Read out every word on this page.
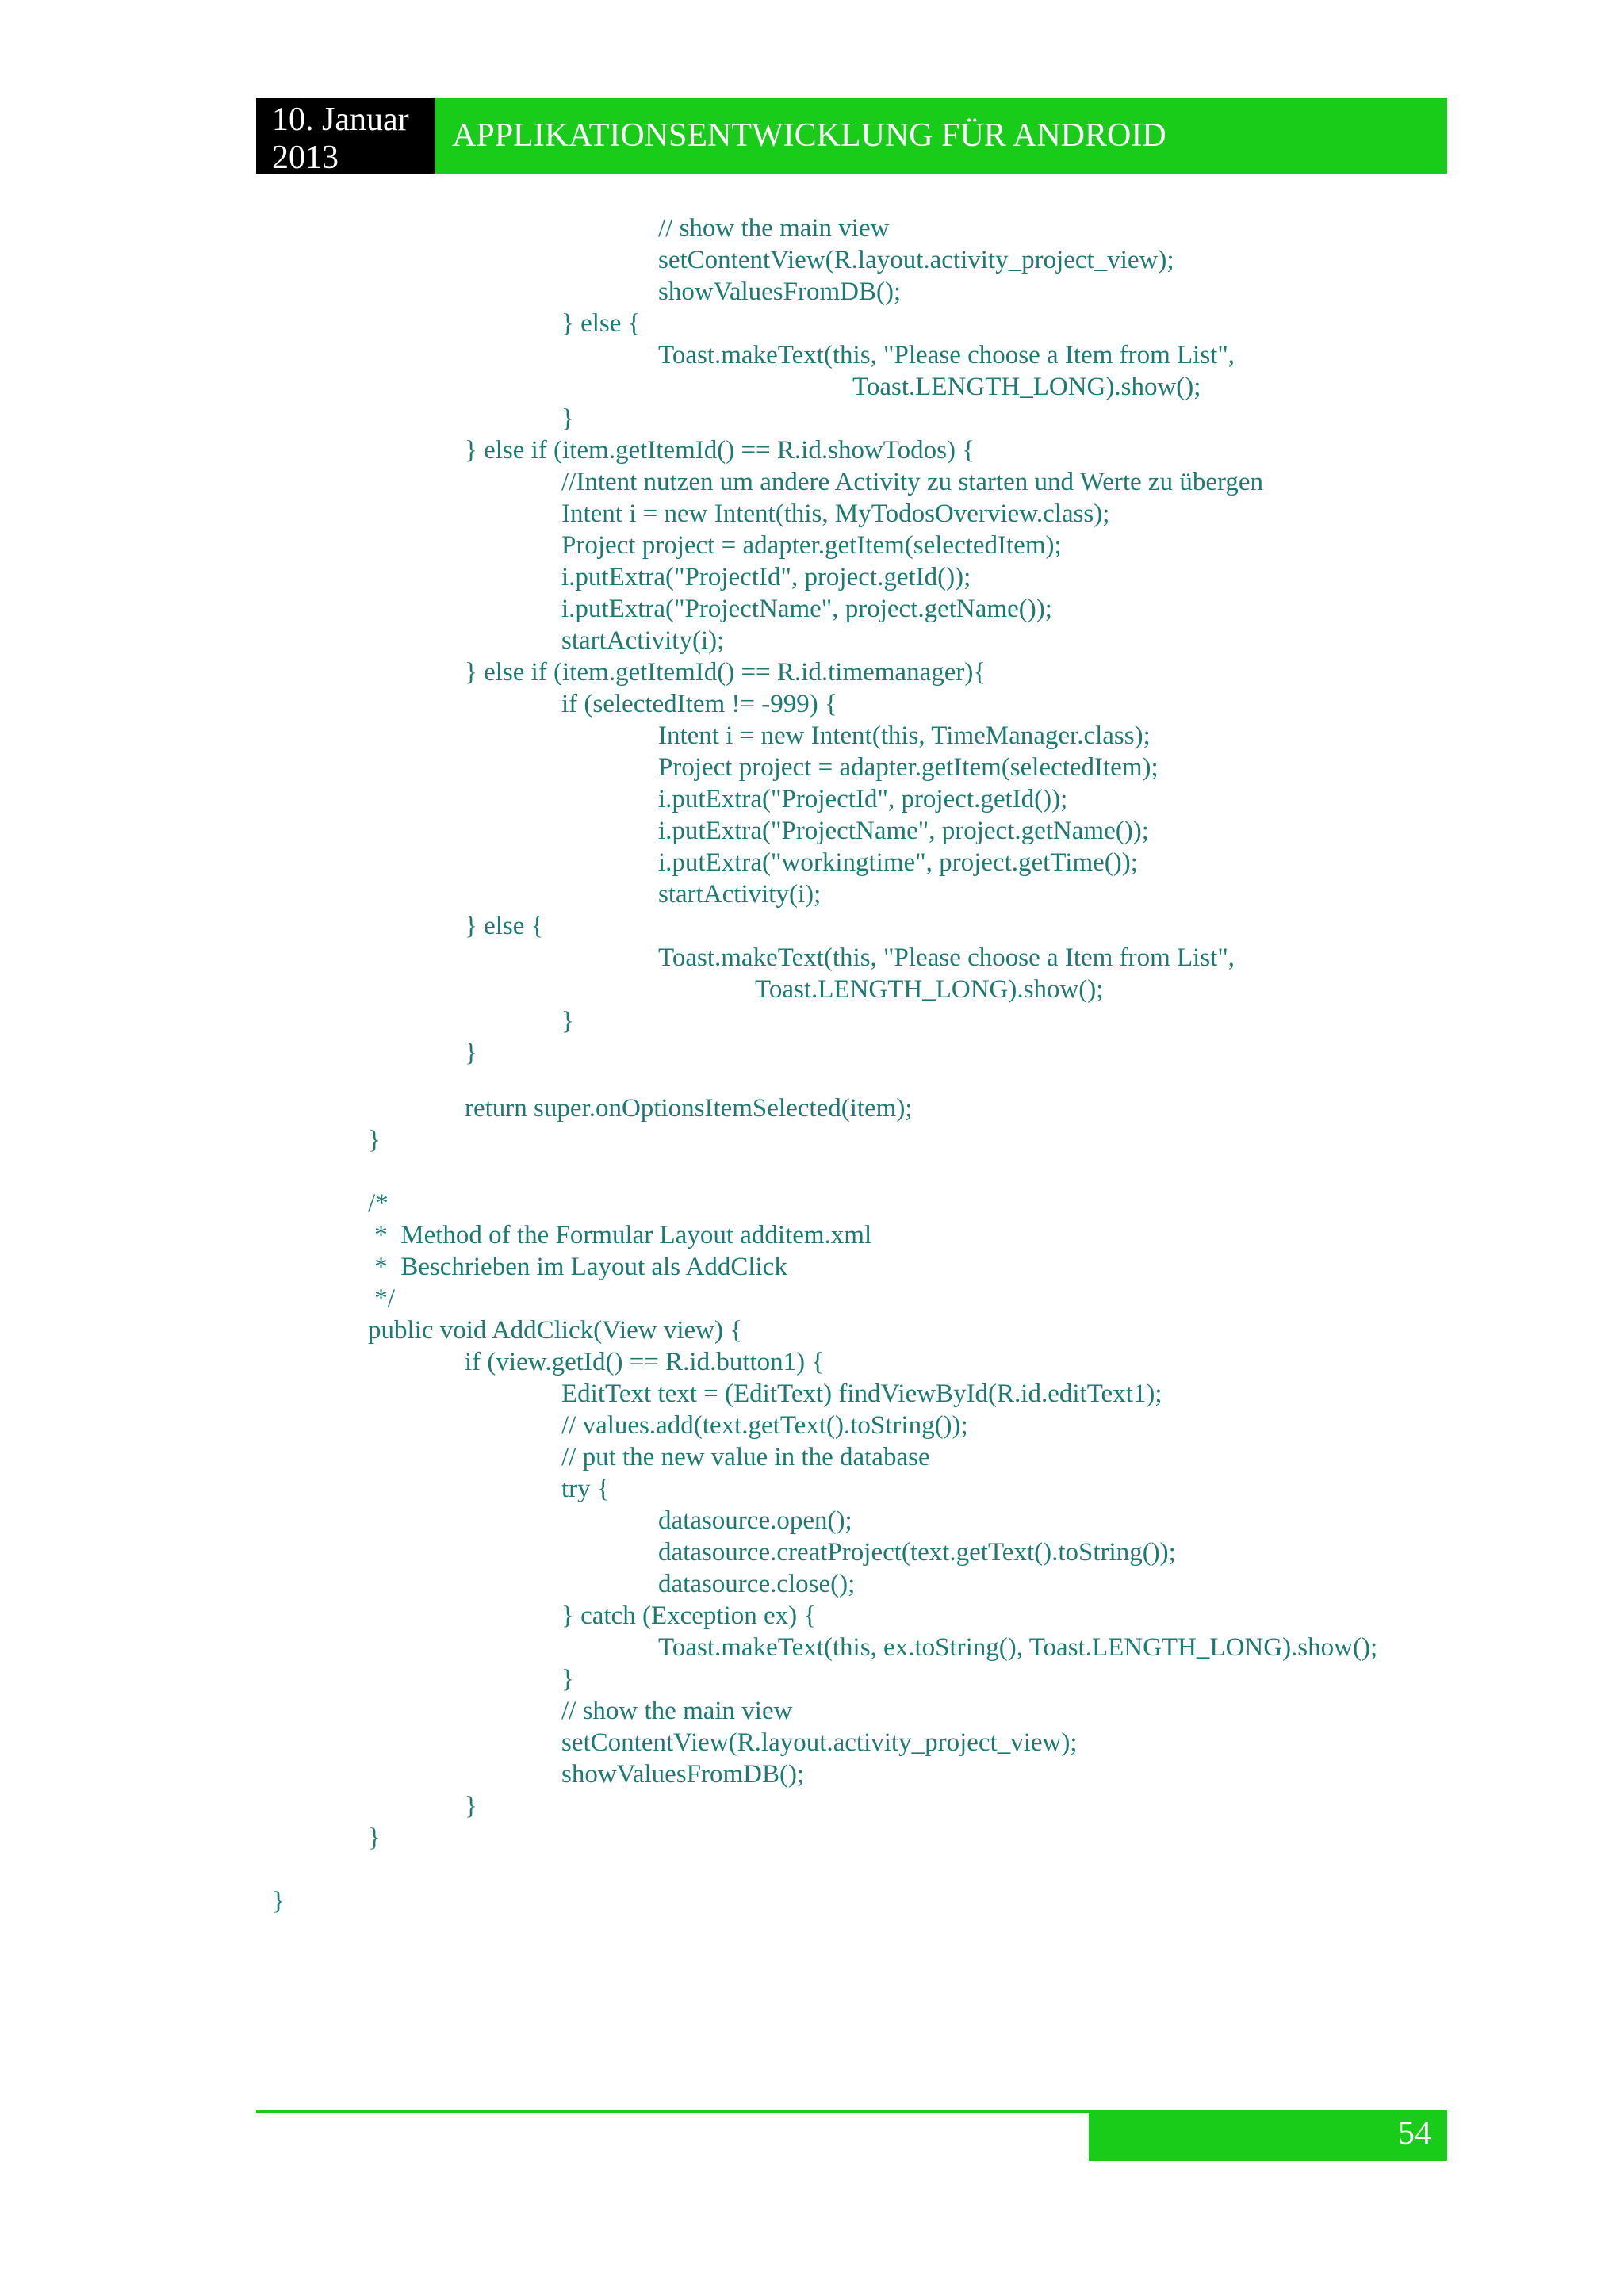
10. Januar
2013
APPLIKATIONSENTWICKLUNG FÜR ANDROID
// show the main view
setContentView(R.layout.activity_project_view);
showValuesFromDB();
} else {
Toast.makeText(this, "Please choose a Item from List",
Toast.LENGTH_LONG).show();
}
} else if (item.getItemId() == R.id.showTodos) {
//Intent nutzen um andere Activity zu starten und Werte zu übergen
Intent i = new Intent(this, MyTodosOverview.class);
Project project = adapter.getItem(selectedItem);
i.putExtra("ProjectId", project.getId());
i.putExtra("ProjectName", project.getName());
startActivity(i);
} else if (item.getItemId() == R.id.timemanager){
if (selectedItem != -999) {
Intent i = new Intent(this, TimeManager.class);
Project project = adapter.getItem(selectedItem);
i.putExtra("ProjectId", project.getId());
i.putExtra("ProjectName", project.getName());
i.putExtra("workingtime", project.getTime());
startActivity(i);
} else {
Toast.makeText(this, "Please choose a Item from List",
Toast.LENGTH_LONG).show();
}
}
return super.onOptionsItemSelected(item);
}
/*
*  Method of the Formular Layout additem.xml
*  Beschrieben im Layout als AddClick
*/
public void AddClick(View view) {
if (view.getId() == R.id.button1) {
EditText text = (EditText) findViewById(R.id.editText1);
// values.add(text.getText().toString());
// put the new value in the database
try {
datasource.open();
datasource.creatProject(text.getText().toString());
datasource.close();
} catch (Exception ex) {
Toast.makeText(this, ex.toString(), Toast.LENGTH_LONG).show();
}
// show the main view
setContentView(R.layout.activity_project_view);
showValuesFromDB();
}
}
}
54
